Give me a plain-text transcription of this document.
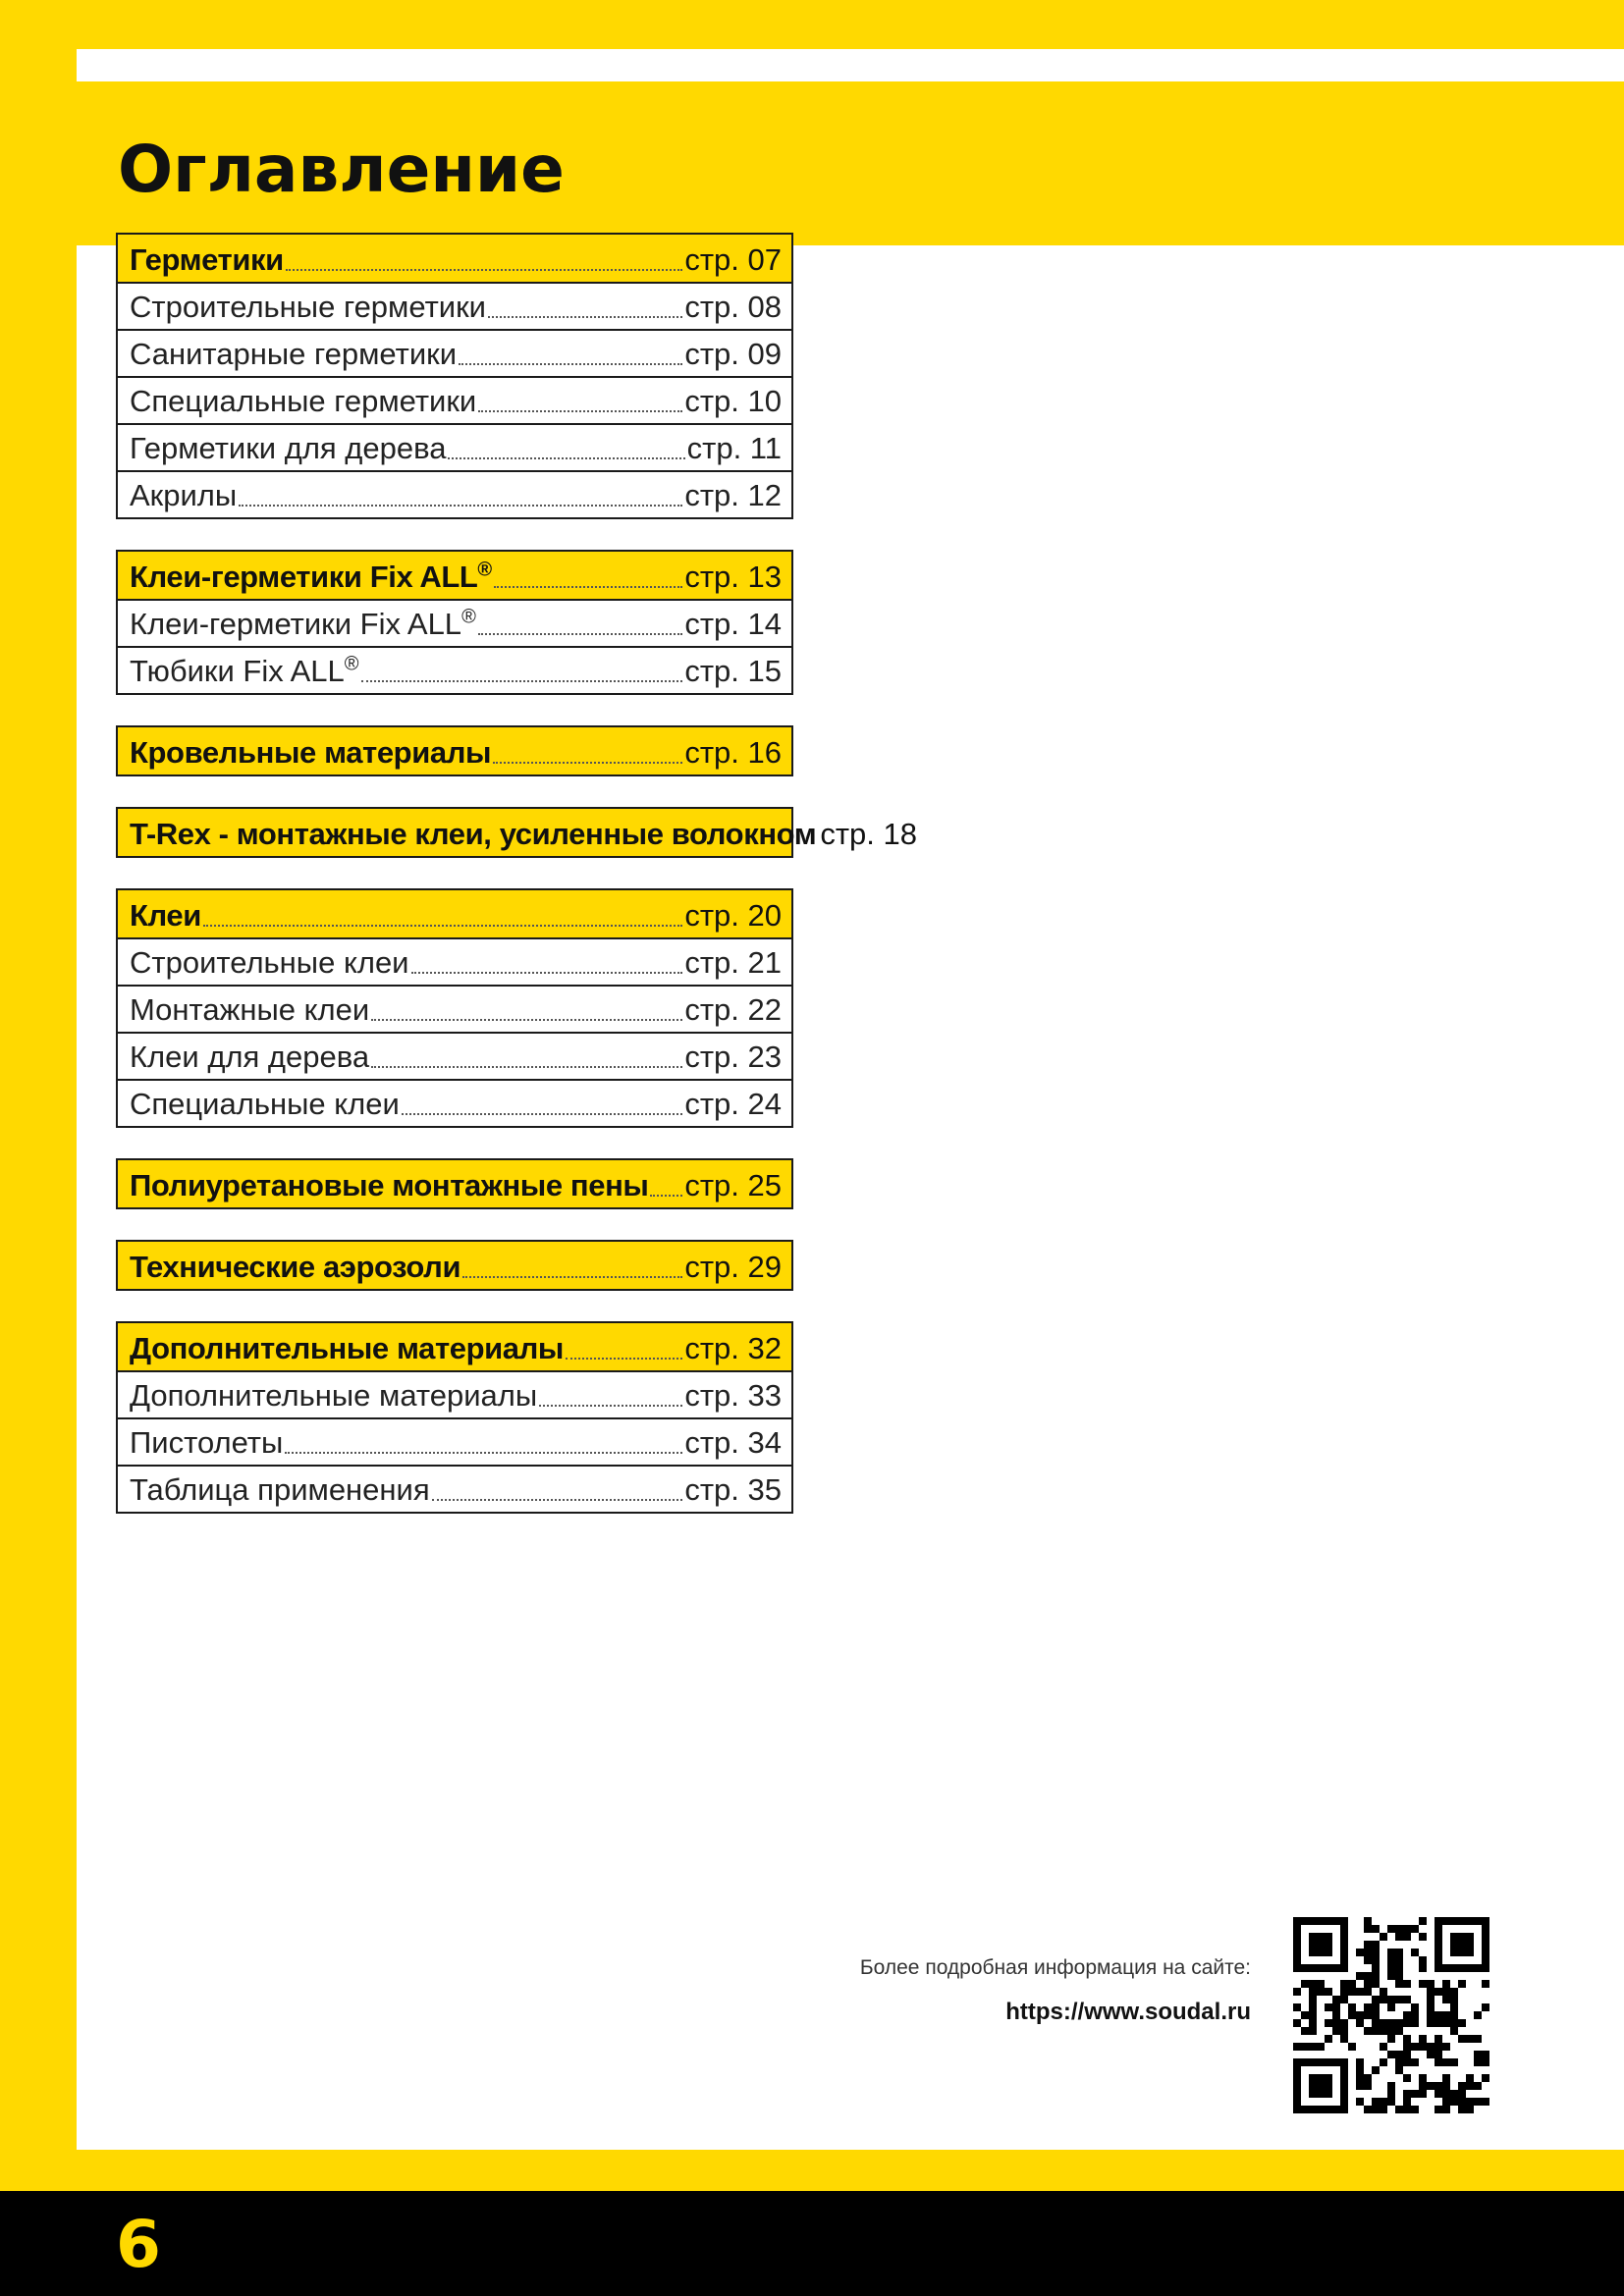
Оглавление
Герметики	стр. 07
Строительные герметики	стр. 08
Санитарные герметики	стр. 09
Специальные герметики	стр. 10
Герметики для дерева	стр. 11
Акрилы	стр. 12
Клеи-герметики Fix ALL®	стр. 13
Клеи-герметики Fix ALL®	стр. 14
Тюбики Fix ALL®	стр. 15
Кровельные материалы	стр. 16
T-Rex - монтажные клеи, усиленные волокном стр. 18
Клеи	стр. 20
Строительные клеи	стр. 21
Монтажные клеи	стр. 22
Клеи для дерева	стр. 23
Специальные клеи	стр. 24
Полиуретановые монтажные пены стр. 25
Технические аэрозоли	стр. 29
Дополнительные материалы	стр. 32
Дополнительные материалы	стр. 33
Пистолеты	стр. 34
Таблица применения	стр. 35
Более подробная информация на сайте:
https://www.soudal.ru
6
